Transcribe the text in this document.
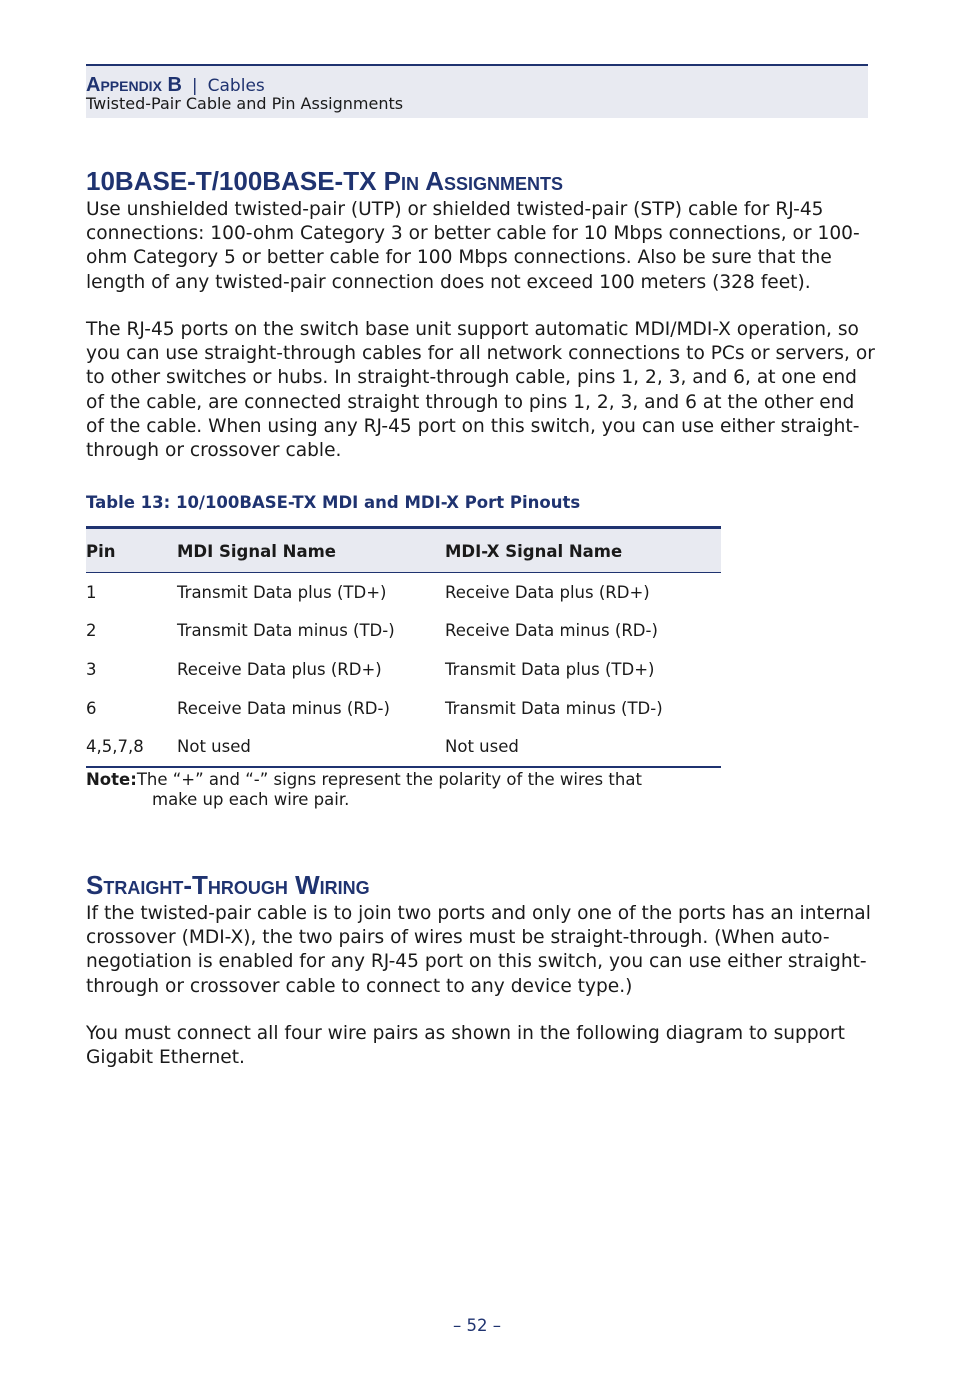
Appendix B | Cables
Twisted-Pair Cable and Pin Assignments
10BASE-T/100BASE-TX Pin Assignments

Use unshielded twisted-pair (UTP) or shielded twisted-pair (STP) cable for RJ-45 connections: 100-ohm Category 3 or better cable for 10 Mbps connections, or 100-ohm Category 5 or better cable for 100 Mbps connections. Also be sure that the length of any twisted-pair connection does not exceed 100 meters (328 feet).

The RJ-45 ports on the switch base unit support automatic MDI/MDI-X operation, so you can use straight-through cables for all network connections to PCs or servers, or to other switches or hubs. In straight-through cable, pins 1, 2, 3, and 6, at one end of the cable, are connected straight through to pins 1, 2, 3, and 6 at the other end of the cable. When using any RJ-45 port on this switch, you can use either straight-through or crossover cable.

Table 13: 10/100BASE-TX MDI and MDI-X Port Pinouts
Pin	MDI Signal Name	MDI-X Signal Name
1	Transmit Data plus (TD+)	Receive Data plus (RD+)
2	Transmit Data minus (TD-)	Receive Data minus (RD-)
3	Receive Data plus (RD+)	Transmit Data plus (TD+)
6	Receive Data minus (RD-)	Transmit Data minus (TD-)
4,5,7,8	Not used	Not used
Note:The “+” and “-” signs represent the polarity of the wires that
make up each wire pair.
Straight-Through Wiring

If the twisted-pair cable is to join two ports and only one of the ports has an internal crossover (MDI-X), the two pairs of wires must be straight-through. (When auto-negotiation is enabled for any RJ-45 port on this switch, you can use either straight-through or crossover cable to connect to any device type.)

You must connect all four wire pairs as shown in the following diagram to support Gigabit Ethernet.

– 52 –
